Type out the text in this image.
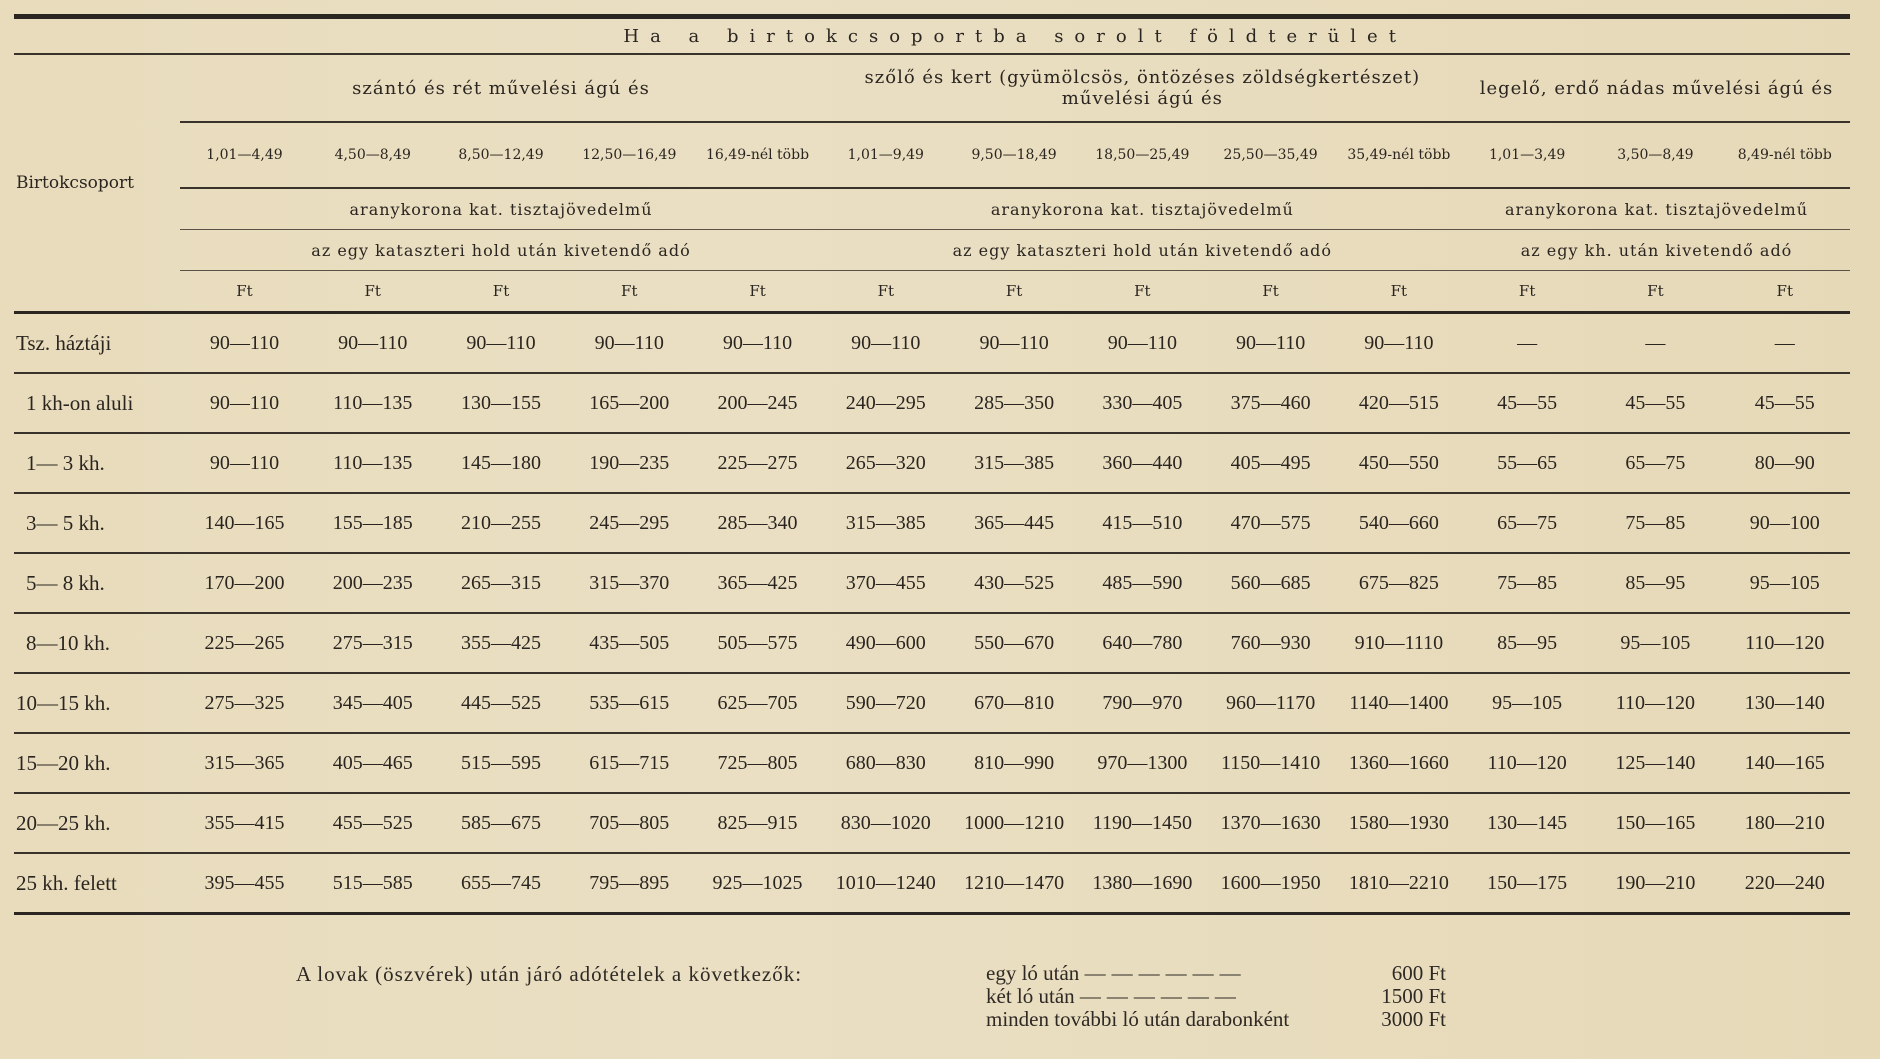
	Ha a birtokcsoportba sorolt földterület												
Birtokcsoport	szántó és rét művelési ágú és					szőlő és kert (gyümölcsös, öntözéses zöldségkertészet) művelési ágú és					legelő, erdő nádas művelési ágú és		
	1,01—4,49	4,50—8,49	8,50—12,49	12,50—16,49	16,49-nél több	1,01—9,49	9,50—18,49	18,50—25,49	25,50—35,49	35,49-nél több	1,01—3,49	3,50—8,49	8,49-nél több
	aranykorona kat. tisztajövedelmű					aranykorona kat. tisztajövedelmű					aranykorona kat. tisztajövedelmű		
	az egy kataszteri hold után kivetendő adó					az egy kataszteri hold után kivetendő adó					az egy kh. után kivetendő adó		
	Ft	Ft	Ft	Ft	Ft	Ft	Ft	Ft	Ft	Ft	Ft	Ft	Ft
Tsz. háztáji	90—110	90—110	90—110	90—110	90—110	90—110	90—110	90—110	90—110	90—110	—	—	—
1 kh-on aluli	90—110	110—135	130—155	165—200	200—245	240—295	285—350	330—405	375—460	420—515	45—55	45—55	45—55
1— 3 kh.	90—110	110—135	145—180	190—235	225—275	265—320	315—385	360—440	405—495	450—550	55—65	65—75	80—90
3— 5 kh.	140—165	155—185	210—255	245—295	285—340	315—385	365—445	415—510	470—575	540—660	65—75	75—85	90—100
5— 8 kh.	170—200	200—235	265—315	315—370	365—425	370—455	430—525	485—590	560—685	675—825	75—85	85—95	95—105
8—10 kh.	225—265	275—315	355—425	435—505	505—575	490—600	550—670	640—780	760—930	910—1110	85—95	95—105	110—120
10—15 kh.	275—325	345—405	445—525	535—615	625—705	590—720	670—810	790—970	960—1170	1140—1400	95—105	110—120	130—140
15—20 kh.	315—365	405—465	515—595	615—715	725—805	680—830	810—990	970—1300	1150—1410	1360—1660	110—120	125—140	140—165
20—25 kh.	355—415	455—525	585—675	705—805	825—915	830—1020	1000—1210	1190—1450	1370—1630	1580—1930	130—145	150—165	180—210
25 kh. felett	395—455	515—585	655—745	795—895	925—1025	1010—1240	1210—1470	1380—1690	1600—1950	1810—2210	150—175	190—210	220—240
A lovak (öszvérek) után járó adótételek a következők:	egy ló után ——————	600 Ft
két ló után ——————	1500 Ft
minden további ló után darabonként	3000 Ft
